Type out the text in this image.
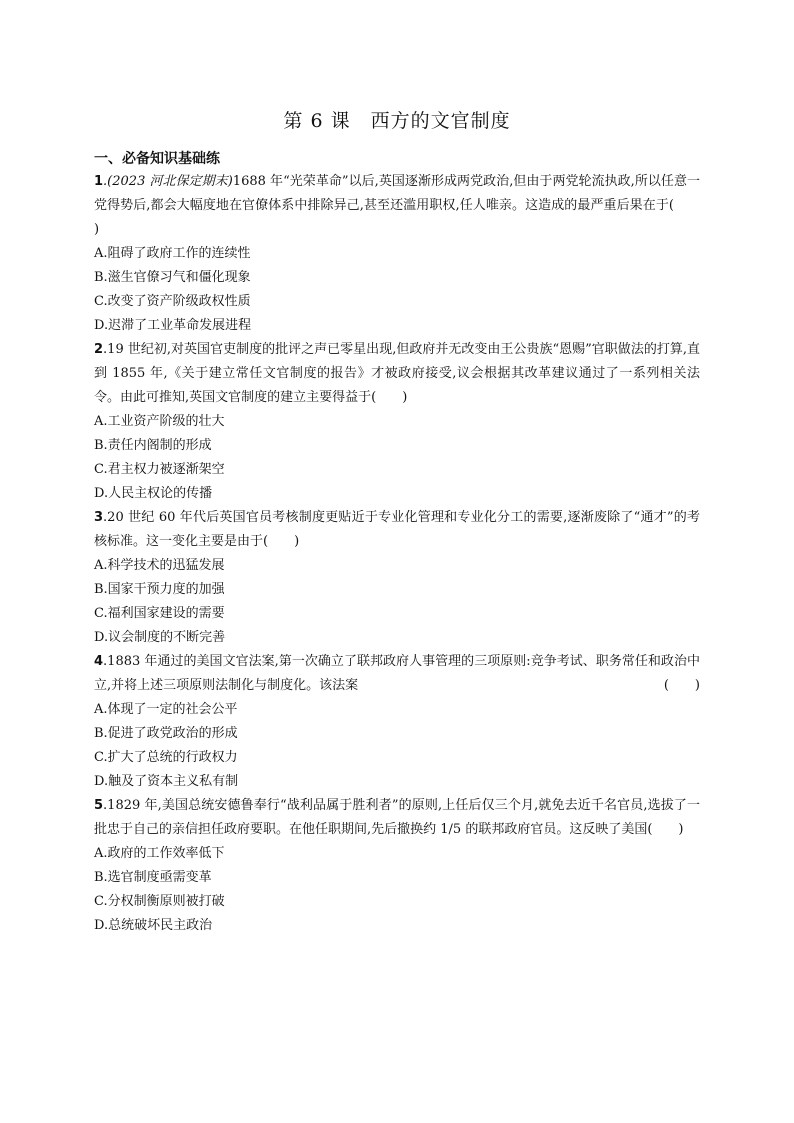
第 6 课　西方的文官制度
一、必备知识基础练

1.(2023 河北保定期末)1688 年“光荣革命”以后,英国逐渐形成两党政治,但由于两党轮流执政,所以任意一党得势后,都会大幅度地在官僚体系中排除异己,甚至还滥用职权,任人唯亲。这造成的最严重后果在于()

A.阻碍了政府工作的连续性

B.滋生官僚习气和僵化现象

C.改变了资产阶级政权性质

D.迟滞了工业革命发展进程

2.19 世纪初,对英国官吏制度的批评之声已零星出现,但政府并无改变由王公贵族“恩赐”官职做法的打算,直到 1855 年,《关于建立常任文官制度的报告》才被政府接受,议会根据其改革建议通过了一系列相关法令。由此可推知,英国文官制度的建立主要得益于( )

A.工业资产阶级的壮大

B.责任内阁制的形成

C.君主权力被逐渐架空

D.人民主权论的传播

3.20 世纪 60 年代后英国官员考核制度更贴近于专业化管理和专业化分工的需要,逐渐废除了“通才”的考核标准。这一变化主要是由于( )

A.科学技术的迅猛发展

B.国家干预力度的加强

C.福利国家建设的需要

D.议会制度的不断完善

4.1883 年通过的美国文官法案,第一次确立了联邦政府人事管理的三项原则:竞争考试、职务常任和政治中立,并将上述三项原则法制化与制度化。该法案	(　　)

A.体现了一定的社会公平

B.促进了政党政治的形成

C.扩大了总统的行政权力

D.触及了资本主义私有制

5.1829 年,美国总统安德鲁奉行“战利品属于胜利者”的原则,上任后仅三个月,就免去近千名官员,选拔了一批忠于自己的亲信担任政府要职。在他任职期间,先后撤换约 1/5 的联邦政府官员。这反映了美国( )

A.政府的工作效率低下

B.选官制度亟需变革

C.分权制衡原则被打破

D.总统破坏民主政治
